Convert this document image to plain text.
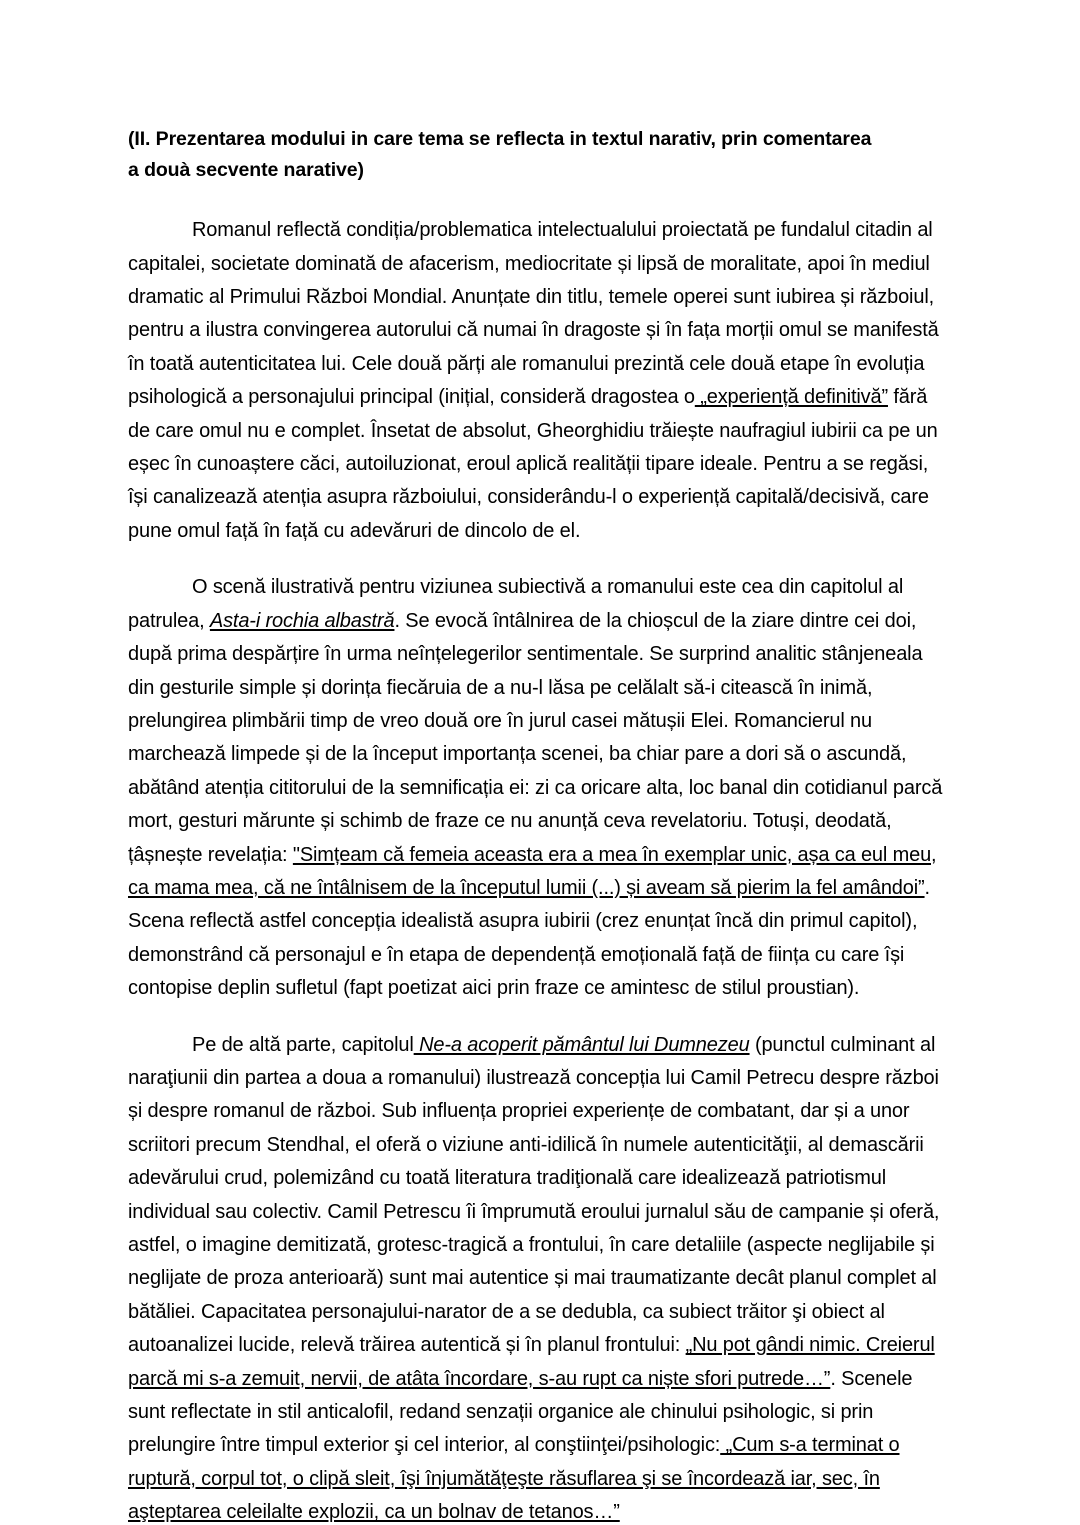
(II. Prezentarea modului in care tema se reflecta in textul narativ, prin comentarea
a douà secvente narative)

Romanul reflectă condiția/problematica intelectualului proiectată pe fundalul citadin al capitalei, societate dominată de afacerism, mediocritate și lipsă de moralitate, apoi în mediul dramatic al Primului Război Mondial. Anunțate din titlu, temele operei sunt iubirea și războiul, pentru a ilustra convingerea autorului că numai în dragoste și în fața morții omul se manifestă în toată autenticitatea lui. Cele două părți ale romanului prezintă cele două etape în evoluția psihologică a personajului principal (inițial, consideră dragostea o „experiență definitivă” fără de care omul nu e complet. Însetat de absolut, Gheorghidiu trăiește naufragiul iubirii ca pe un eșec în cunoaștere căci, autoiluzionat, eroul aplică realității tipare ideale. Pentru a se regăsi, își canalizează atenția asupra războiului, considerându-l o experiență capitală/decisivă, care pune omul față în față cu adevăruri de dincolo de el.

O scenă ilustrativă pentru viziunea subiectivă a romanului este cea din capitolul al patrulea, Asta-i rochia albastră. Se evocă întâlnirea de la chioșcul de la ziare dintre cei doi, după prima despărțire în urma neînțelegerilor sentimentale. Se surprind analitic stânjeneala din gesturile simple și dorința fiecăruia de a nu-l lăsa pe celălalt să-i citească în inimă, prelungirea plimbării timp de vreo două ore în jurul casei mătușii Elei. Romancierul nu marchează limpede și de la început importanța scenei, ba chiar pare a dori să o ascundă, abătând atenția cititorului de la semnificația ei: zi ca oricare alta, loc banal din cotidianul parcă mort, gesturi mărunte și schimb de fraze ce nu anunță ceva revelatoriu. Totuși, deodată, țâșnește revelația: "Simțeam că femeia aceasta era a mea în exemplar unic, așa ca eul meu, ca mama mea, că ne întâlnisem de la începutul lumii (...) și aveam să pierim la fel amândoi”. Scena reflectă astfel concepția idealistă asupra iubirii (crez enunțat încă din primul capitol), demonstrând că personajul e în etapa de dependență emoțională față de ființa cu care își contopise deplin sufletul (fapt poetizat aici prin fraze ce amintesc de stilul proustian).

Pe de altă parte, capitolul Ne-a acoperit pământul lui Dumnezeu (punctul culminant al naraţiunii din partea a doua a romanului) ilustrează concepția lui Camil Petrecu despre război și despre romanul de război. Sub influența propriei experiențe de combatant, dar și a unor scriitori precum Stendhal, el oferă o viziune anti-idilică în numele autenticităţii, al demascării adevărului crud, polemizând cu toată literatura tradiţională care idealizează patriotismul individual sau colectiv. Camil Petrescu îi împrumută eroului jurnalul său de campanie și oferă, astfel, o imagine demitizată, grotesc-tragică a frontului, în care detaliile (aspecte neglijabile și neglijate de proza anterioară) sunt mai autentice și mai traumatizante decât planul complet al bătăliei. Capacitatea personajului-narator de a se dedubla, ca subiect trăitor şi obiect al autoanalizei lucide, relevă trăirea autentică și în planul frontului: „Nu pot gândi nimic. Creierul parcă mi s-a zemuit, nervii, de atâta încordare, s-au rupt ca niște sfori putrede…”. Scenele sunt reflectate in stil anticalofil, redand senzații organice ale chinului psihologic, si prin prelungire între timpul exterior şi cel interior, al conştiinţei/psihologic: „Cum s-a terminat o ruptură, corpul tot, o clipă sleit, îşi înjumătăţeşte răsuflarea şi se încordează iar, sec, în aşteptarea celeilalte explozii, ca un bolnav de tetanos…”
